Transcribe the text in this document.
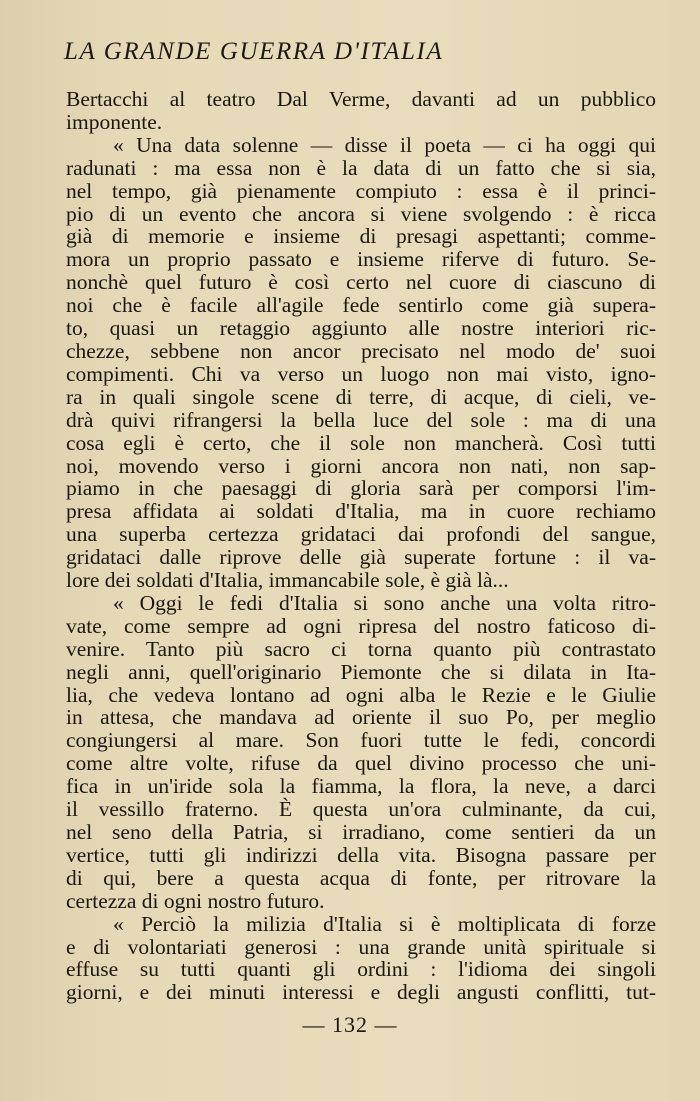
LA GRANDE GUERRA D'ITALIA
Bertacchi al teatro Dal Verme, davanti ad un pubblico
imponente.
« Una data solenne — disse il poeta — ci ha oggi qui
radunati : ma essa non è la data di un fatto che si sia,
nel tempo, già pienamente compiuto : essa è il princi-
pio di un evento che ancora si viene svolgendo : è ricca
già di memorie e insieme di presagi aspettanti; comme-
mora un proprio passato e insieme riferve di futuro. Se-
nonchè quel futuro è così certo nel cuore di ciascuno di
noi che è facile all'agile fede sentirlo come già supera-
to, quasi un retaggio aggiunto alle nostre interiori ric-
chezze, sebbene non ancor precisato nel modo de' suoi
compimenti. Chi va verso un luogo non mai visto, igno-
ra in quali singole scene di terre, di acque, di cieli, ve-
drà quivi rifrangersi la bella luce del sole : ma di una
cosa egli è certo, che il sole non mancherà. Così tutti
noi, movendo verso i giorni ancora non nati, non sap-
piamo in che paesaggi di gloria sarà per comporsi l'im-
presa affidata ai soldati d'Italia, ma in cuore rechiamo
una superba certezza gridataci dai profondi del sangue,
gridataci dalle riprove delle già superate fortune : il va-
lore dei soldati d'Italia, immancabile sole, è già là...
« Oggi le fedi d'Italia si sono anche una volta ritro-
vate, come sempre ad ogni ripresa del nostro faticoso di-
venire. Tanto più sacro ci torna quanto più contrastato
negli anni, quell'originario Piemonte che si dilata in Ita-
lia, che vedeva lontano ad ogni alba le Rezie e le Giulie
in attesa, che mandava ad oriente il suo Po, per meglio
congiungersi al mare. Son fuori tutte le fedi, concordi
come altre volte, rifuse da quel divino processo che uni-
fica in un'iride sola la fiamma, la flora, la neve, a darci
il vessillo fraterno. È questa un'ora culminante, da cui,
nel seno della Patria, si irradiano, come sentieri da un
vertice, tutti gli indirizzi della vita. Bisogna passare per
di qui, bere a questa acqua di fonte, per ritrovare la
certezza di ogni nostro futuro.
« Perciò la milizia d'Italia si è moltiplicata di forze
e di volontariati generosi : una grande unità spirituale si
effuse su tutti quanti gli ordini : l'idioma dei singoli
giorni, e dei minuti interessi e degli angusti conflitti, tut-
— 132 —
